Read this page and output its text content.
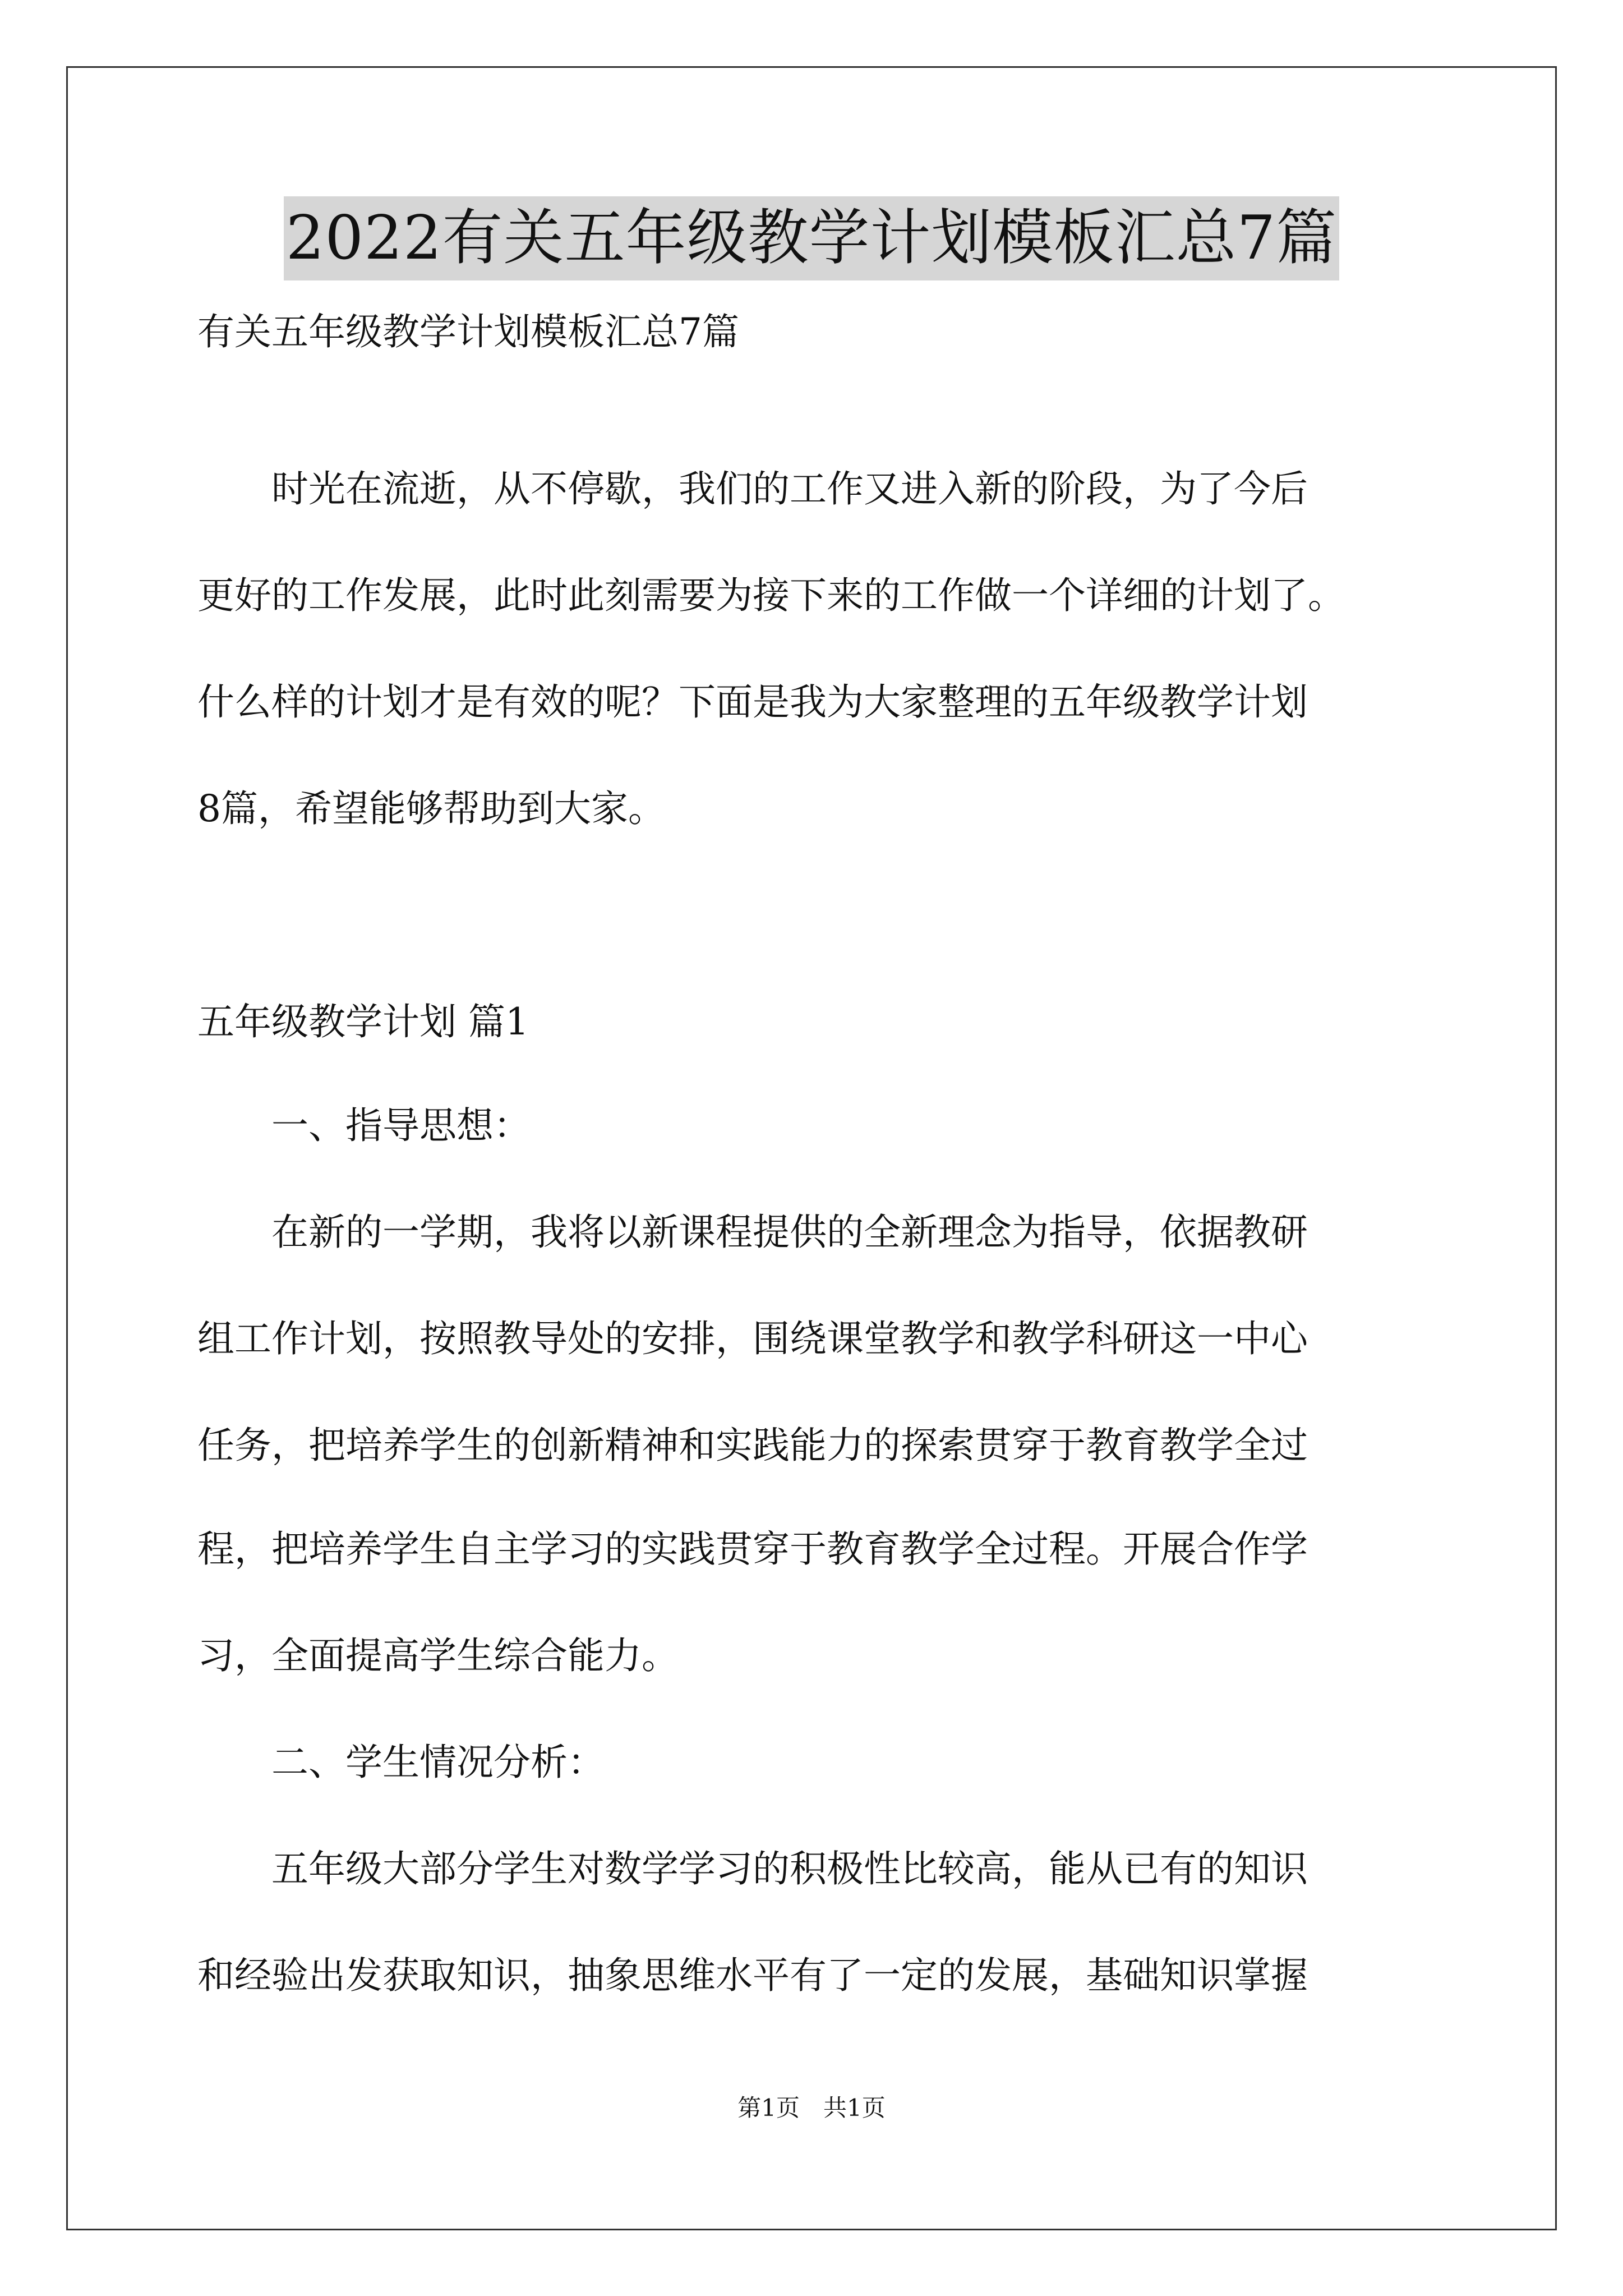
2022有关五年级教学计划模板汇总7篇
有关五年级教学计划模板汇总7篇
　　时光在流逝，从不停歇，我们的工作又进入新的阶段，为了今后
更好的工作发展，此时此刻需要为接下来的工作做一个详细的计划了。
什么样的计划才是有效的呢？下面是我为大家整理的五年级教学计划
8篇，希望能够帮助到大家。
五年级教学计划 篇1
　　一、指导思想：
　　在新的一学期，我将以新课程提供的全新理念为指导，依据教研
组工作计划，按照教导处的安排，围绕课堂教学和教学科研这一中心
任务，把培养学生的创新精神和实践能力的探索贯穿于教育教学全过
程，把培养学生自主学习的实践贯穿于教育教学全过程。开展合作学
习，全面提高学生综合能力。
　　二、学生情况分析：
　　五年级大部分学生对数学学习的积极性比较高，能从已有的知识
和经验出发获取知识，抽象思维水平有了一定的发展，基础知识掌握
第1页　共1页
